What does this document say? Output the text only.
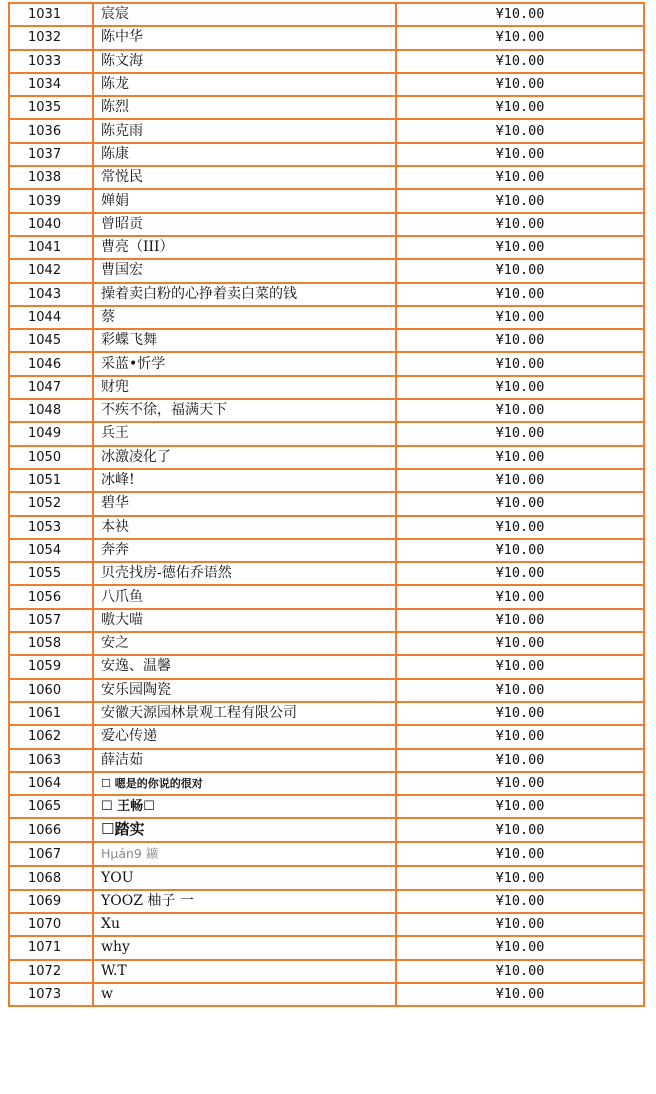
1031	宸宸	¥10.00
1032	陈中华	¥10.00
1033	陈文海	¥10.00
1034	陈龙	¥10.00
1035	陈烈	¥10.00
1036	陈克雨	¥10.00
1037	陈康	¥10.00
1038	常悦民	¥10.00
1039	婵娟	¥10.00
1040	曾昭贡	¥10.00
1041	曹亮（III）	¥10.00
1042	曹国宏	¥10.00
1043	操着卖白粉的心挣着卖白菜的钱	¥10.00
1044	蔡	¥10.00
1045	彩蝶飞舞	¥10.00
1046	采蓝•忻学	¥10.00
1047	财兜	¥10.00
1048	不疾不徐，福满天下	¥10.00
1049	兵王	¥10.00
1050	冰激凌化了	¥10.00
1051	冰峰!	¥10.00
1052	碧华	¥10.00
1053	本袂	¥10.00
1054	奔奔	¥10.00
1055	贝壳找房-德佑乔语然	¥10.00
1056	八爪鱼	¥10.00
1057	嗷大喵	¥10.00
1058	安之	¥10.00
1059	安逸、温馨	¥10.00
1060	安乐园陶瓷	¥10.00
1061	安徽天源园林景观工程有限公司	¥10.00
1062	爱心传递	¥10.00
1063	薛洁茹	¥10.00
1064	☐ 嗯是的你说的很对	¥10.00
1065	☐ 王畅☐	¥10.00
1066	☐踏实	¥10.00
1067	Hµán9 鑛	¥10.00
1068	YOU	¥10.00
1069	YOOZ 柚子 一	¥10.00
1070	Xu	¥10.00
1071	why	¥10.00
1072	W.T	¥10.00
1073	w	¥10.00
